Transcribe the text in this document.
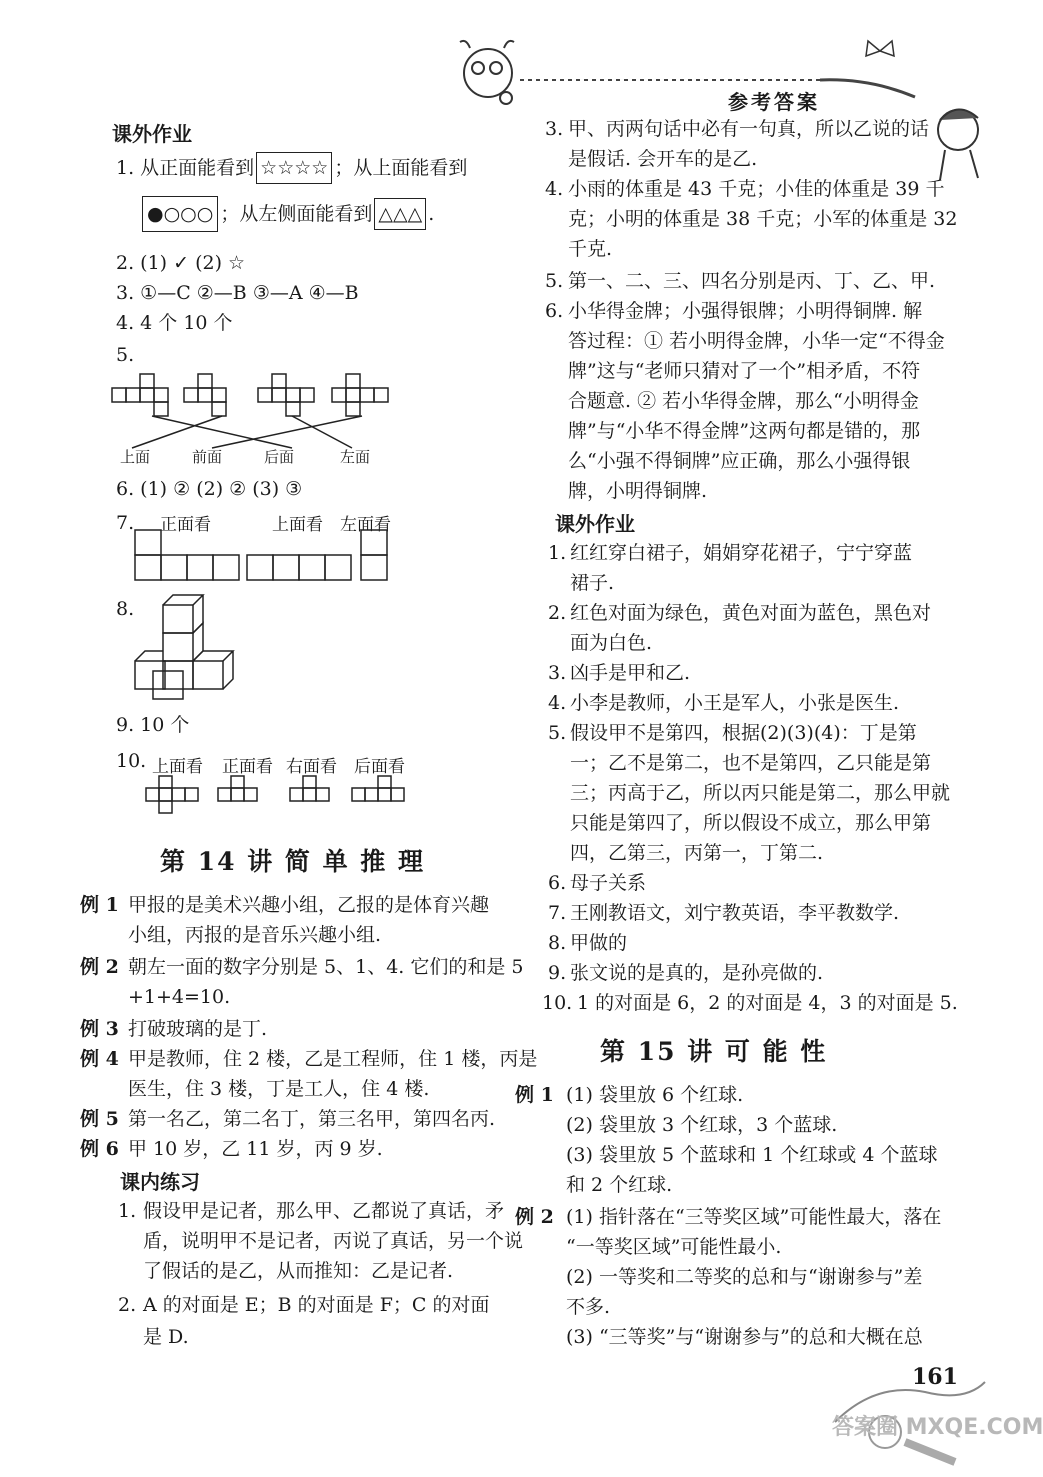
参考答案
课外作业
1. 从正面能看到 ☆☆☆☆ ；从上面能看到
●○○○ ；从左侧面能看到 △△△ .
2. (1) ✓ (2) ☆
3. ①—C ②—B ③—A ④—B
4. 4 个 10 个
5.
上面	前面	后面	左面
6. (1) ② (2) ② (3) ③
7. 正面看	上面看 左面看
8.
9. 10 个
10. 上面看 正面看 右面看 后面看
第 14 讲 简 单 推 理
例 1 甲报的是美术兴趣小组，乙报的是体育兴趣
小组，丙报的是音乐兴趣小组.
例 2 朝左一面的数字分别是 5、1、4. 它们的和是 5
+1+4=10.
例 3 打破玻璃的是丁.
例 4 甲是教师，住 2 楼，乙是工程师，住 1 楼，丙是
医生，住 3 楼，丁是工人，住 4 楼.
例 5 第一名乙，第二名丁，第三名甲，第四名丙.
例 6 甲 10 岁，乙 11 岁，丙 9 岁.
课内练习
1. 假设甲是记者，那么甲、乙都说了真话，矛
盾，说明甲不是记者，丙说了真话，另一个说
了假话的是乙，从而推知：乙是记者.
2. A 的对面是 E；B 的对面是 F；C 的对面
是 D.
3. 甲、丙两句话中必有一句真，所以乙说的话
是假话. 会开车的是乙.
4. 小雨的体重是 43 千克；小佳的体重是 39 千
克；小明的体重是 38 千克；小军的体重是 32
千克.
5. 第一、二、三、四名分别是丙、丁、乙、甲.
6. 小华得金牌；小强得银牌；小明得铜牌. 解
答过程：① 若小明得金牌，小华一定“不得金
牌”这与“老师只猜对了一个”相矛盾，不符
合题意. ② 若小华得金牌，那么“小明得金
牌”与“小华不得金牌”这两句都是错的，那
么“小强不得铜牌”应正确，那么小强得银
牌，小明得铜牌.
课外作业
1. 红红穿白裙子，娟娟穿花裙子，宁宁穿蓝
裙子.
2. 红色对面为绿色，黄色对面为蓝色，黑色对
面为白色.
3. 凶手是甲和乙.
4. 小李是教师，小王是军人，小张是医生.
5. 假设甲不是第四，根据(2)(3)(4)：丁是第
一；乙不是第二，也不是第四，乙只能是第
三；丙高于乙，所以丙只能是第二，那么甲就
只能是第四了，所以假设不成立，那么甲第
四，乙第三，丙第一，丁第二.
6. 母子关系
7. 王刚教语文，刘宁教英语，李平教数学.
8. 甲做的
9. 张文说的是真的，是孙亮做的.
10. 1 的对面是 6，2 的对面是 4，3 的对面是 5.
第 15 讲 可 能 性
例 1 (1) 袋里放 6 个红球.
(2) 袋里放 3 个红球，3 个蓝球.
(3) 袋里放 5 个蓝球和 1 个红球或 4 个蓝球
和 2 个红球.
例 2 (1) 指针落在“三等奖区域”可能性最大，落在
“一等奖区域”可能性最小.
(2) 一等奖和二等奖的总和与“谢谢参与”差
不多.
(3) “三等奖”与“谢谢参与”的总和大概在总
161
答案圈 MXQE.COM
